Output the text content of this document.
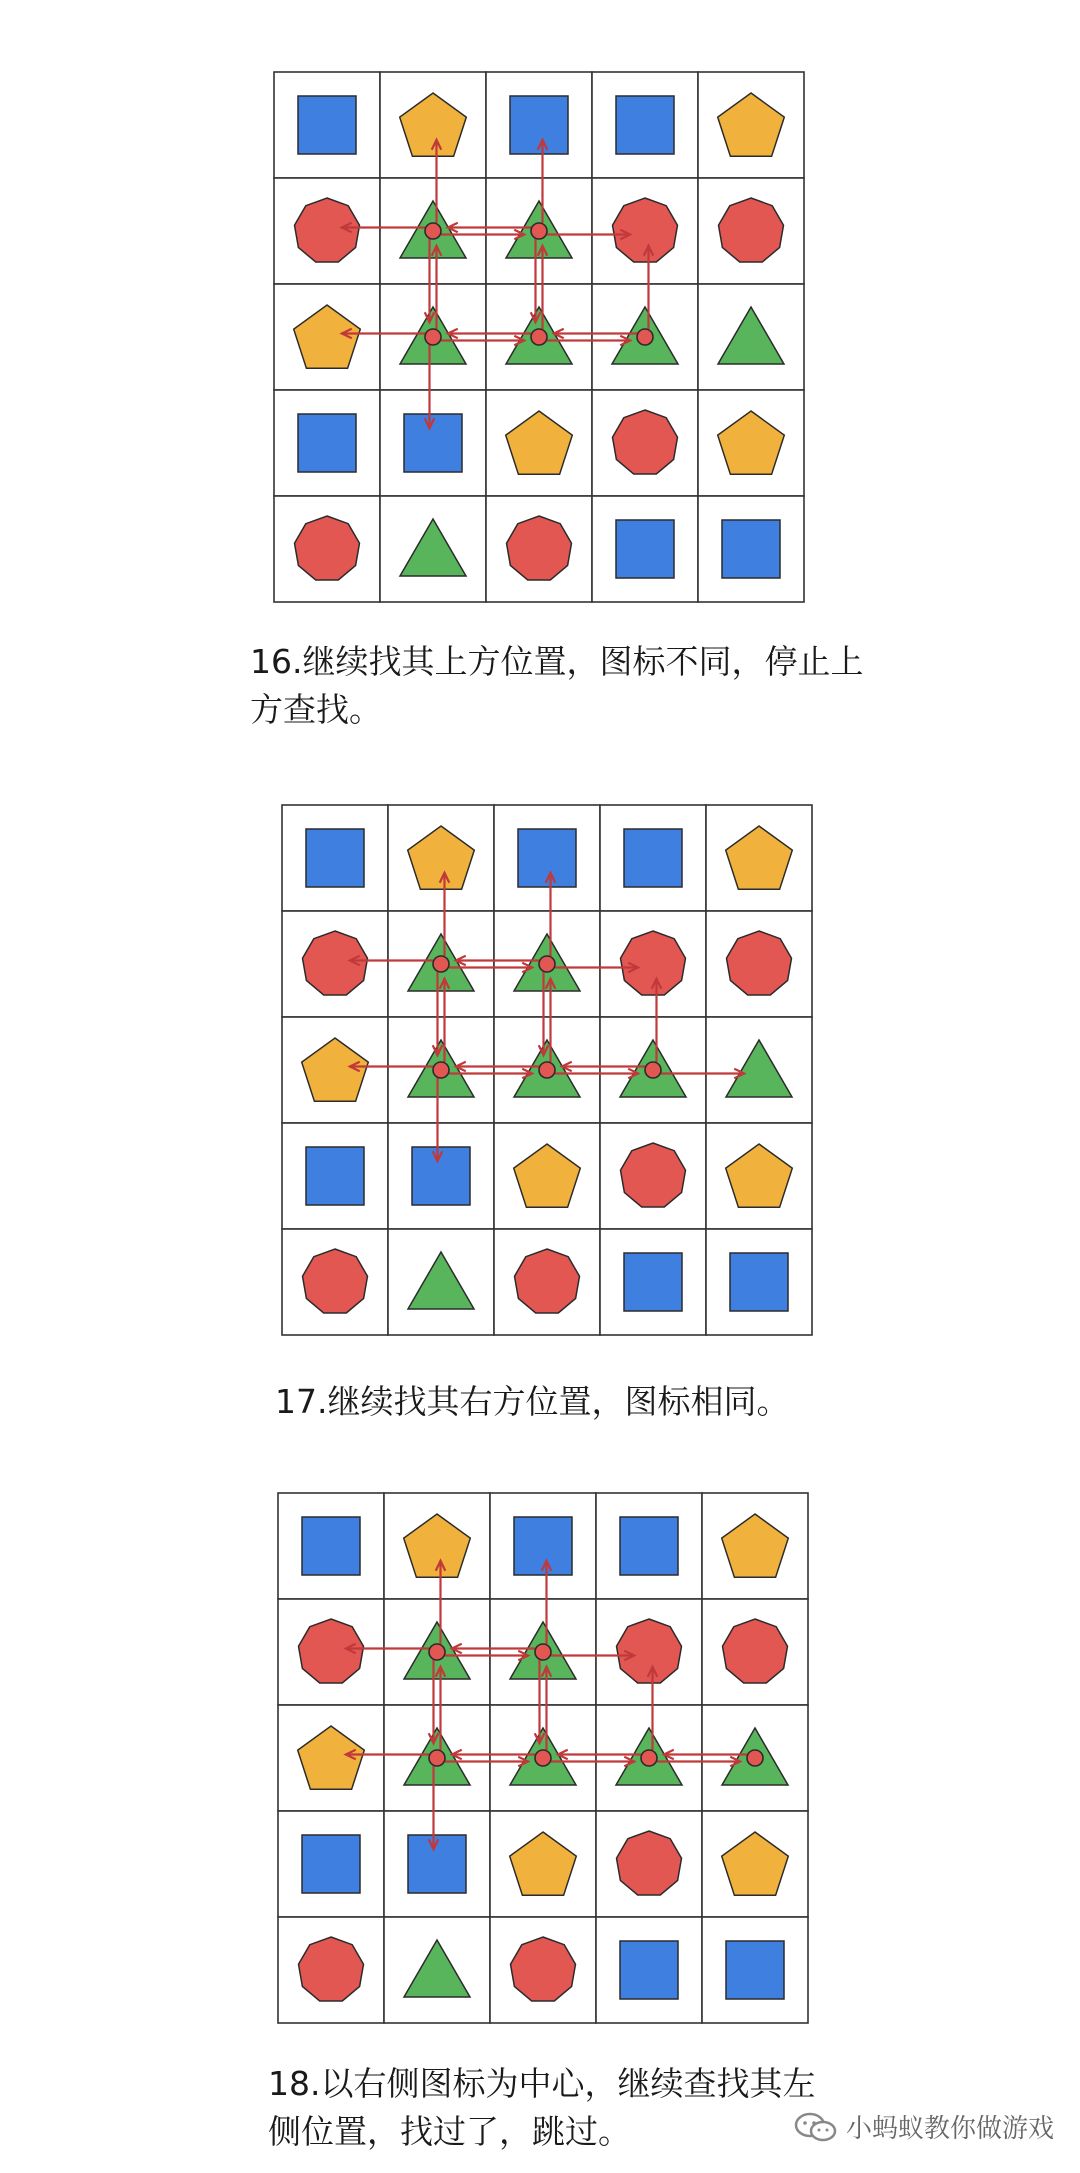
16.继续找其上方位置，图标不同，停止上方查找。
17.继续找其右方位置，图标相同。
18.以右侧图标为中心，继续查找其左侧位置，找过了，跳过。	小蚂蚁教你做游戏
